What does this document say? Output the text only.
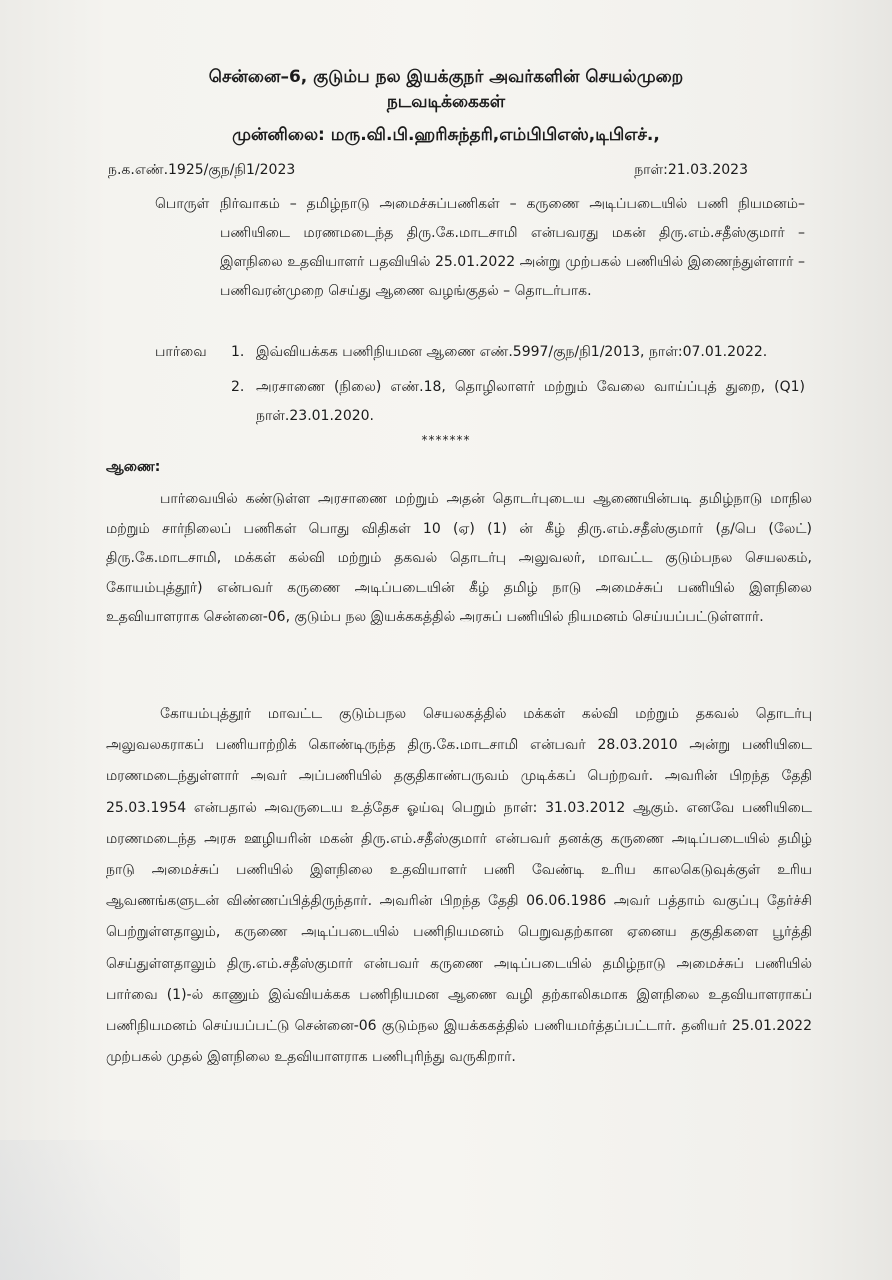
சென்னை–6, குடும்ப நல இயக்குநர் அவர்களின் செயல்முறை
நடவடிக்கைகள்
முன்னிலை: மரு.வி.பி.ஹரிசுந்தரி,எம்பிபிஎஸ்,டிபிஎச்.,
ந.க.எண்.1925/குந/நி1/2023	நாள்:21.03.2023
பொருள் நிர்வாகம் – தமிழ்நாடு அமைச்சுப்பணிகள் – கருணை அடிப்படையில் பணி நியமனம்–பணியிடை மரணமடைந்த திரு.கே.மாடசாமி என்பவரது மகன் திரு.எம்.சதீஸ்குமார் – இளநிலை உதவியாளர் பதவியில் 25.01.2022 அன்று முற்பகல் பணியில் இணைந்துள்ளார் – பணிவரன்முறை செய்து ஆணை வழங்குதல் – தொடர்பாக.
பார்வை 1. இவ்வியக்கக பணிநியமன ஆணை எண்.5997/குந/நி1/2013, நாள்:07.01.2022.
2. அரசாணை (நிலை) எண்.18, தொழிலாளர் மற்றும் வேலை வாய்ப்புத் துறை, (Q1) நாள்.23.01.2020.
*******
ஆணை:
பார்வையில் கண்டுள்ள அரசாணை மற்றும் அதன் தொடர்புடைய ஆணையின்படி தமிழ்நாடு மாநில மற்றும் சார்நிலைப் பணிகள் பொது விதிகள் 10 (ஏ) (1) ன் கீழ் திரு.எம்.சதீஸ்குமார் (த/பெ (லேட்) திரு.கே.மாடசாமி, மக்கள் கல்வி மற்றும் தகவல் தொடர்பு அலுவலர், மாவட்ட குடும்பநல செயலகம், கோயம்புத்தூர்) என்பவர் கருணை அடிப்படையின் கீழ் தமிழ் நாடு அமைச்சுப் பணியில் இளநிலை உதவியாளராக சென்னை-06, குடும்ப நல இயக்ககத்தில் அரசுப் பணியில் நியமனம் செய்யப்பட்டுள்ளார்.
கோயம்புத்தூர் மாவட்ட குடும்பநல செயலகத்தில் மக்கள் கல்வி மற்றும் தகவல் தொடர்பு அலுவலகராகப் பணியாற்றிக் கொண்டிருந்த திரு.கே.மாடசாமி என்பவர் 28.03.2010 அன்று பணியிடை மரணமடைந்துள்ளார் அவர் அப்பணியில் தகுதிகாண்பருவம் முடிக்கப் பெற்றவர். அவரின் பிறந்த தேதி 25.03.1954 என்பதால் அவருடைய உத்தேச ஓய்வு பெறும் நாள்: 31.03.2012 ஆகும். எனவே பணியிடை மரணமடைந்த அரசு ஊழியரின் மகன் திரு.எம்.சதீஸ்குமார் என்பவர் தனக்கு கருணை அடிப்படையில் தமிழ் நாடு அமைச்சுப் பணியில் இளநிலை உதவியாளர் பணி வேண்டி உரிய காலகெடுவுக்குள் உரிய ஆவணங்களுடன் விண்ணப்பித்திருந்தார். அவரின் பிறந்த தேதி 06.06.1986 அவர் பத்தாம் வகுப்பு தேர்ச்சி பெற்றுள்ளதாலும், கருணை அடிப்படையில் பணிநியமனம் பெறுவதற்கான ஏனைய தகுதிகளை பூர்த்தி செய்துள்ளதாலும் திரு.எம்.சதீஸ்குமார் என்பவர் கருணை அடிப்படையில் தமிழ்நாடு அமைச்சுப் பணியில் பார்வை (1)-ல் காணும் இவ்வியக்கக பணிநியமன ஆணை வழி தற்காலிகமாக இளநிலை உதவியாளராகப் பணிநியமனம் செய்யப்பட்டு சென்னை-06 குடும்நல இயக்ககத்தில் பணியமர்த்தப்பட்டார். தனியர் 25.01.2022 முற்பகல் முதல் இளநிலை உதவியாளராக பணிபுரிந்து வருகிறார்.
